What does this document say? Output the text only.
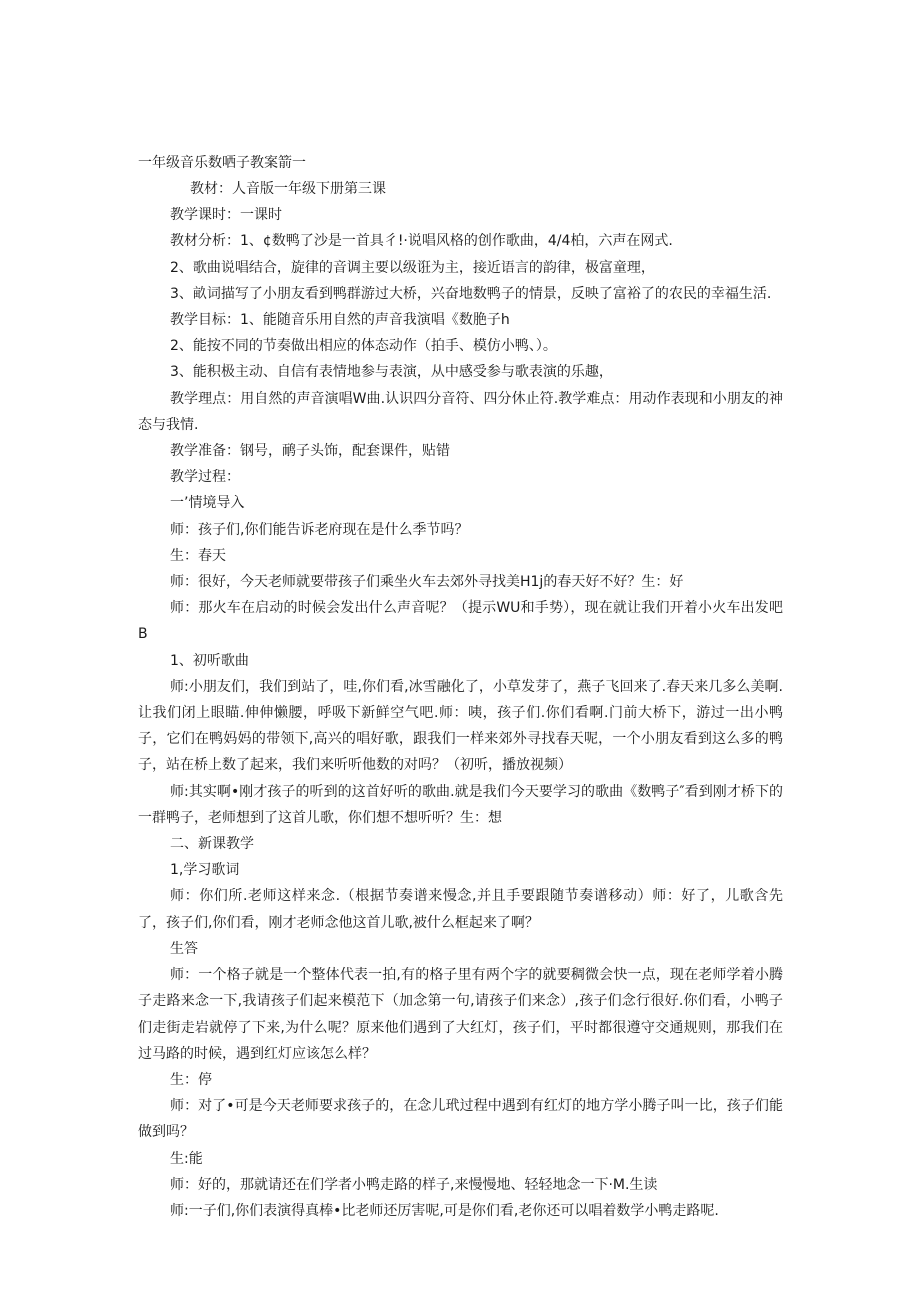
一年级音乐数哂子教案箭一

教材：人音版一年级下册第三课

教学课时：一课时

教材分析：1、¢数鸭了沙是一首具彳!·说唱风格的创作歌曲，4/4柏，六声在网式.

2、歌曲说唱结合，旋律的音调主要以级诳为主，接近语言的韵律，极富童理，

3、畝词描写了小朋友看到鸭群游过大桥，兴奋地数鸭子的情景，反映了富裕了的农民的幸福生活.

教学目标：1、能随音乐用自然的声音我演唱《数脃子h

2、能按不同的节奏做出相应的体态动作（拍手、模仿小鸭、）。

3、能积极主动、自信有表情地参与表演，从中感受参与歌表演的乐趣，

教学理点：用自然的声音演唱W曲.认识四分音符、四分休止符.教学难点：用动作表现和小朋友的神态与我情.

教学准备：钢号，鸸子头饰，配套课件，贴错

教学过程：

一’情境导入

师：孩子们,你们能告诉老府现在是什么季节吗？

生：春天

师：很好，今天老师就要带孩子们乘坐火车去郊外寻找美H1j的春天好不好？生：好

师：那火车在启动的时候会发出什么声音呢？（提示WU和手势），现在就让我们开着小火车出发吧B

1、初听歌曲

师:小朋友们，我们到站了，哇,你们看,冰雪融化了，小草发芽了，燕子飞回来了.春天来几多么美啊.让我们闭上眼瞄.伸伸懒腰，呼吸下新鲜空气吧.师：咦，孩子们.你们看啊.门前大桥下，游过一出小鸭子，它们在鸭妈妈的带领下,高兴的唱好歌，跟我们一样来郊外寻找春天呢，一个小朋友看到这么多的鸭子，站在桥上数了起来，我们来听听他数的对吗？（初听，播放视频）

师:其实啊•刚才孩子的听到的这首好听的歌曲.就是我们今天要学习的歌曲《数鸭子″看到刚才桥下的一群鸭子，老师想到了这首儿歌，你们想不想听听？生：想

二、新课教学

1,学习歌词

师：你们所.老师这样来念.（根据节奏谱来慢念,并且手要跟随节奏谱移动）师：好了，儿歌含先了，孩子们,你们看，刚才老师念他这首儿歌,被什么框起来了啊？

生答

师：一个格子就是一个整体代表一拍,有的格子里有两个字的就要稠微会快一点，现在老师学着小腾子走路来念一下,我请孩子们起来模范下（加念第一句,请孩子们来念）,孩子们念行很好.你们看，小鸭子们走街走岩就停了下来,为什么呢？原来他们遇到了大红灯，孩子们，平时都很遵守交通规则，那我们在过马路的时候，遇到红灯应该怎么样？

生：停

师：对了•可是今天老师要求孩子的，在念儿玳过程中遇到有红灯的地方学小腾子叫一比，孩子们能做到吗？

生:能

师：好的，那就请还在们学者小鸭走路的样子,来慢慢地、轻轻地念一下·M.生读

师:一子们,你们表演得真棒•比老师还厉害呢,可是你们看,老你还可以唱着数学小鸭走路呢.
